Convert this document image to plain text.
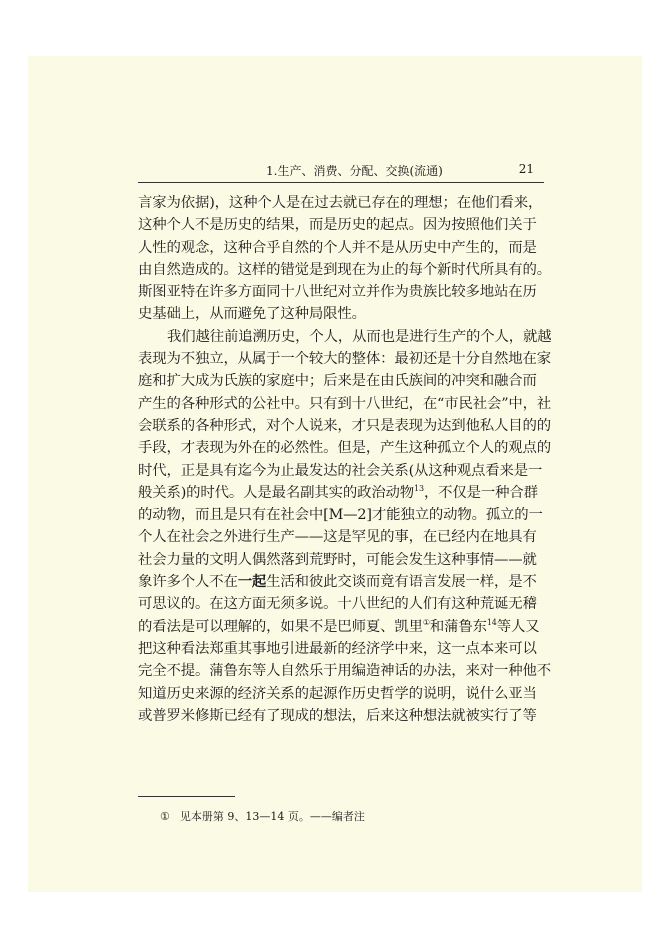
1.生产、消费、分配、交换(流通)	21
言家为依据)，这种个人是在过去就已存在的理想；在他们看来，
这种个人不是历史的结果，而是历史的起点。因为按照他们关于
人性的观念，这种合乎自然的个人并不是从历史中产生的，而是
由自然造成的。这样的错觉是到现在为止的每个新时代所具有的。
斯图亚特在许多方面同十八世纪对立并作为贵族比较多地站在历
史基础上，从而避免了这种局限性。
我们越往前追溯历史，个人，从而也是进行生产的个人，就越
表现为不独立，从属于一个较大的整体：最初还是十分自然地在家
庭和扩大成为氏族的家庭中；后来是在由氏族间的冲突和融合而
产生的各种形式的公社中。只有到十八世纪，在“市民社会”中，社
会联系的各种形式，对个人说来，才只是表现为达到他私人目的的
手段，才表现为外在的必然性。但是，产生这种孤立个人的观点的
时代，正是具有迄今为止最发达的社会关系(从这种观点看来是一
般关系)的时代。人是最名副其实的政治动物$^{13}$，不仅是一种合群
的动物，而且是只有在社会中[M—2]才能独立的动物。孤立的一
个人在社会之外进行生产——这是罕见的事，在已经内在地具有
社会力量的文明人偶然落到荒野时，可能会发生这种事情——就
象许多个人不在一起生活和彼此交谈而竟有语言发展一样，是不
可思议的。在这方面无须多说。十八世纪的人们有这种荒诞无稽
的看法是可以理解的，如果不是巴师夏、凯里①和蒲鲁东$^{14}$等人又
把这种看法郑重其事地引进最新的经济学中来，这一点本来可以
完全不提。蒲鲁东等人自然乐于用编造神话的办法，来对一种他不
知道历史来源的经济关系的起源作历史哲学的说明，说什么亚当
或普罗米修斯已经有了现成的想法，后来这种想法就被实行了等
① 见本册第 9、13—14 页。——编者注
